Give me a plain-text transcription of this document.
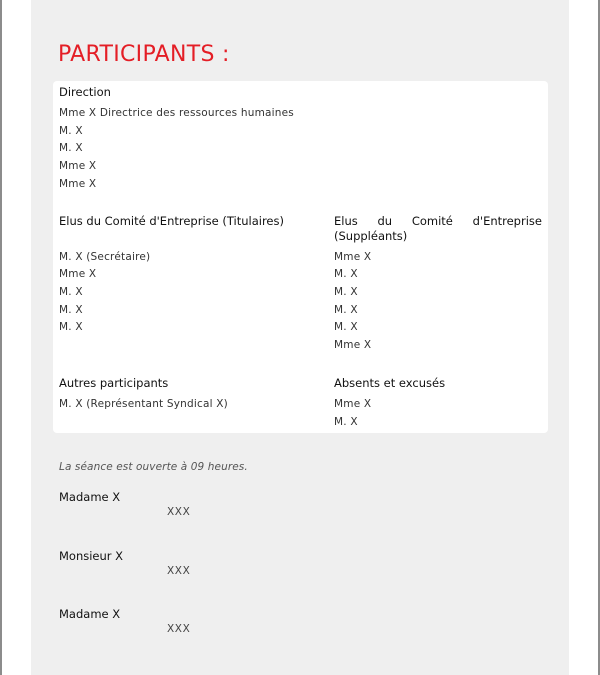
PARTICIPANTS :
Direction
Mme X Directrice des ressources humaines
M. X
M. X
Mme X
Mme X
Elus du Comité d'Entreprise (Titulaires)
M. X (Secrétaire)
Mme X
M. X
M. X
M. X
Elus du Comité d'Entreprise
(Suppléants)
Mme X
M. X
M. X
M. X
M. X
Mme X
Autres participants
M. X (Représentant Syndical X)
Absents et excusés
Mme X
M. X
La séance est ouverte à 09 heures.
Madame X
XXX
Monsieur X
XXX
Madame X
XXX
